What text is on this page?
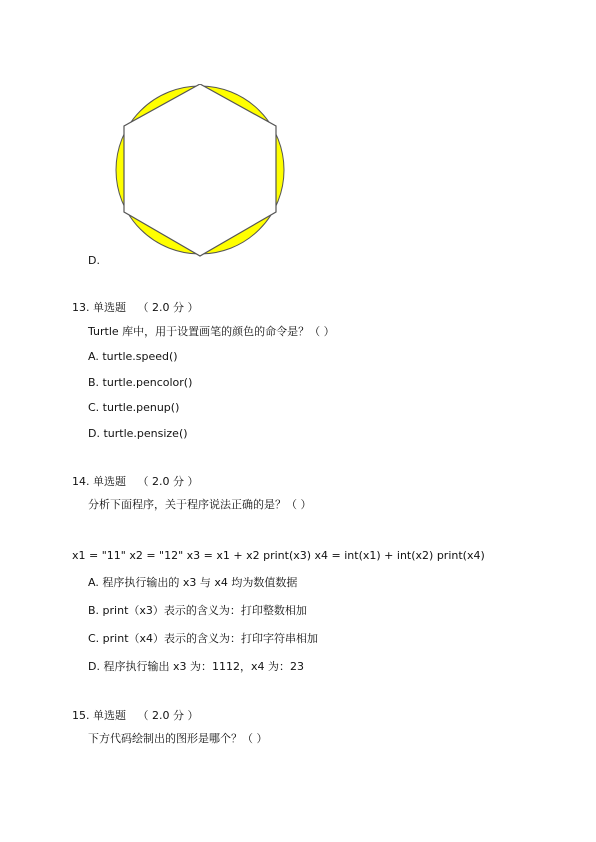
D.
13. 单选题 （ 2.0 分 ）
Turtle 库中，用于设置画笔的颜色的命令是？（ ）
A. turtle.speed()
B. turtle.pencolor()
C. turtle.penup()
D. turtle.pensize()
14. 单选题 （ 2.0 分 ）
分析下面程序，关于程序说法正确的是？（ ）
x1 = "11" x2 = "12" x3 = x1 + x2 print(x3) x4 = int(x1) + int(x2) print(x4)
A. 程序执行输出的 x3 与 x4 均为数值数据
B. print（x3）表示的含义为：打印整数相加
C. print（x4）表示的含义为：打印字符串相加
D. 程序执行输出 x3 为：1112，x4 为：23
15. 单选题 （ 2.0 分 ）
下方代码绘制出的图形是哪个？（ ）
